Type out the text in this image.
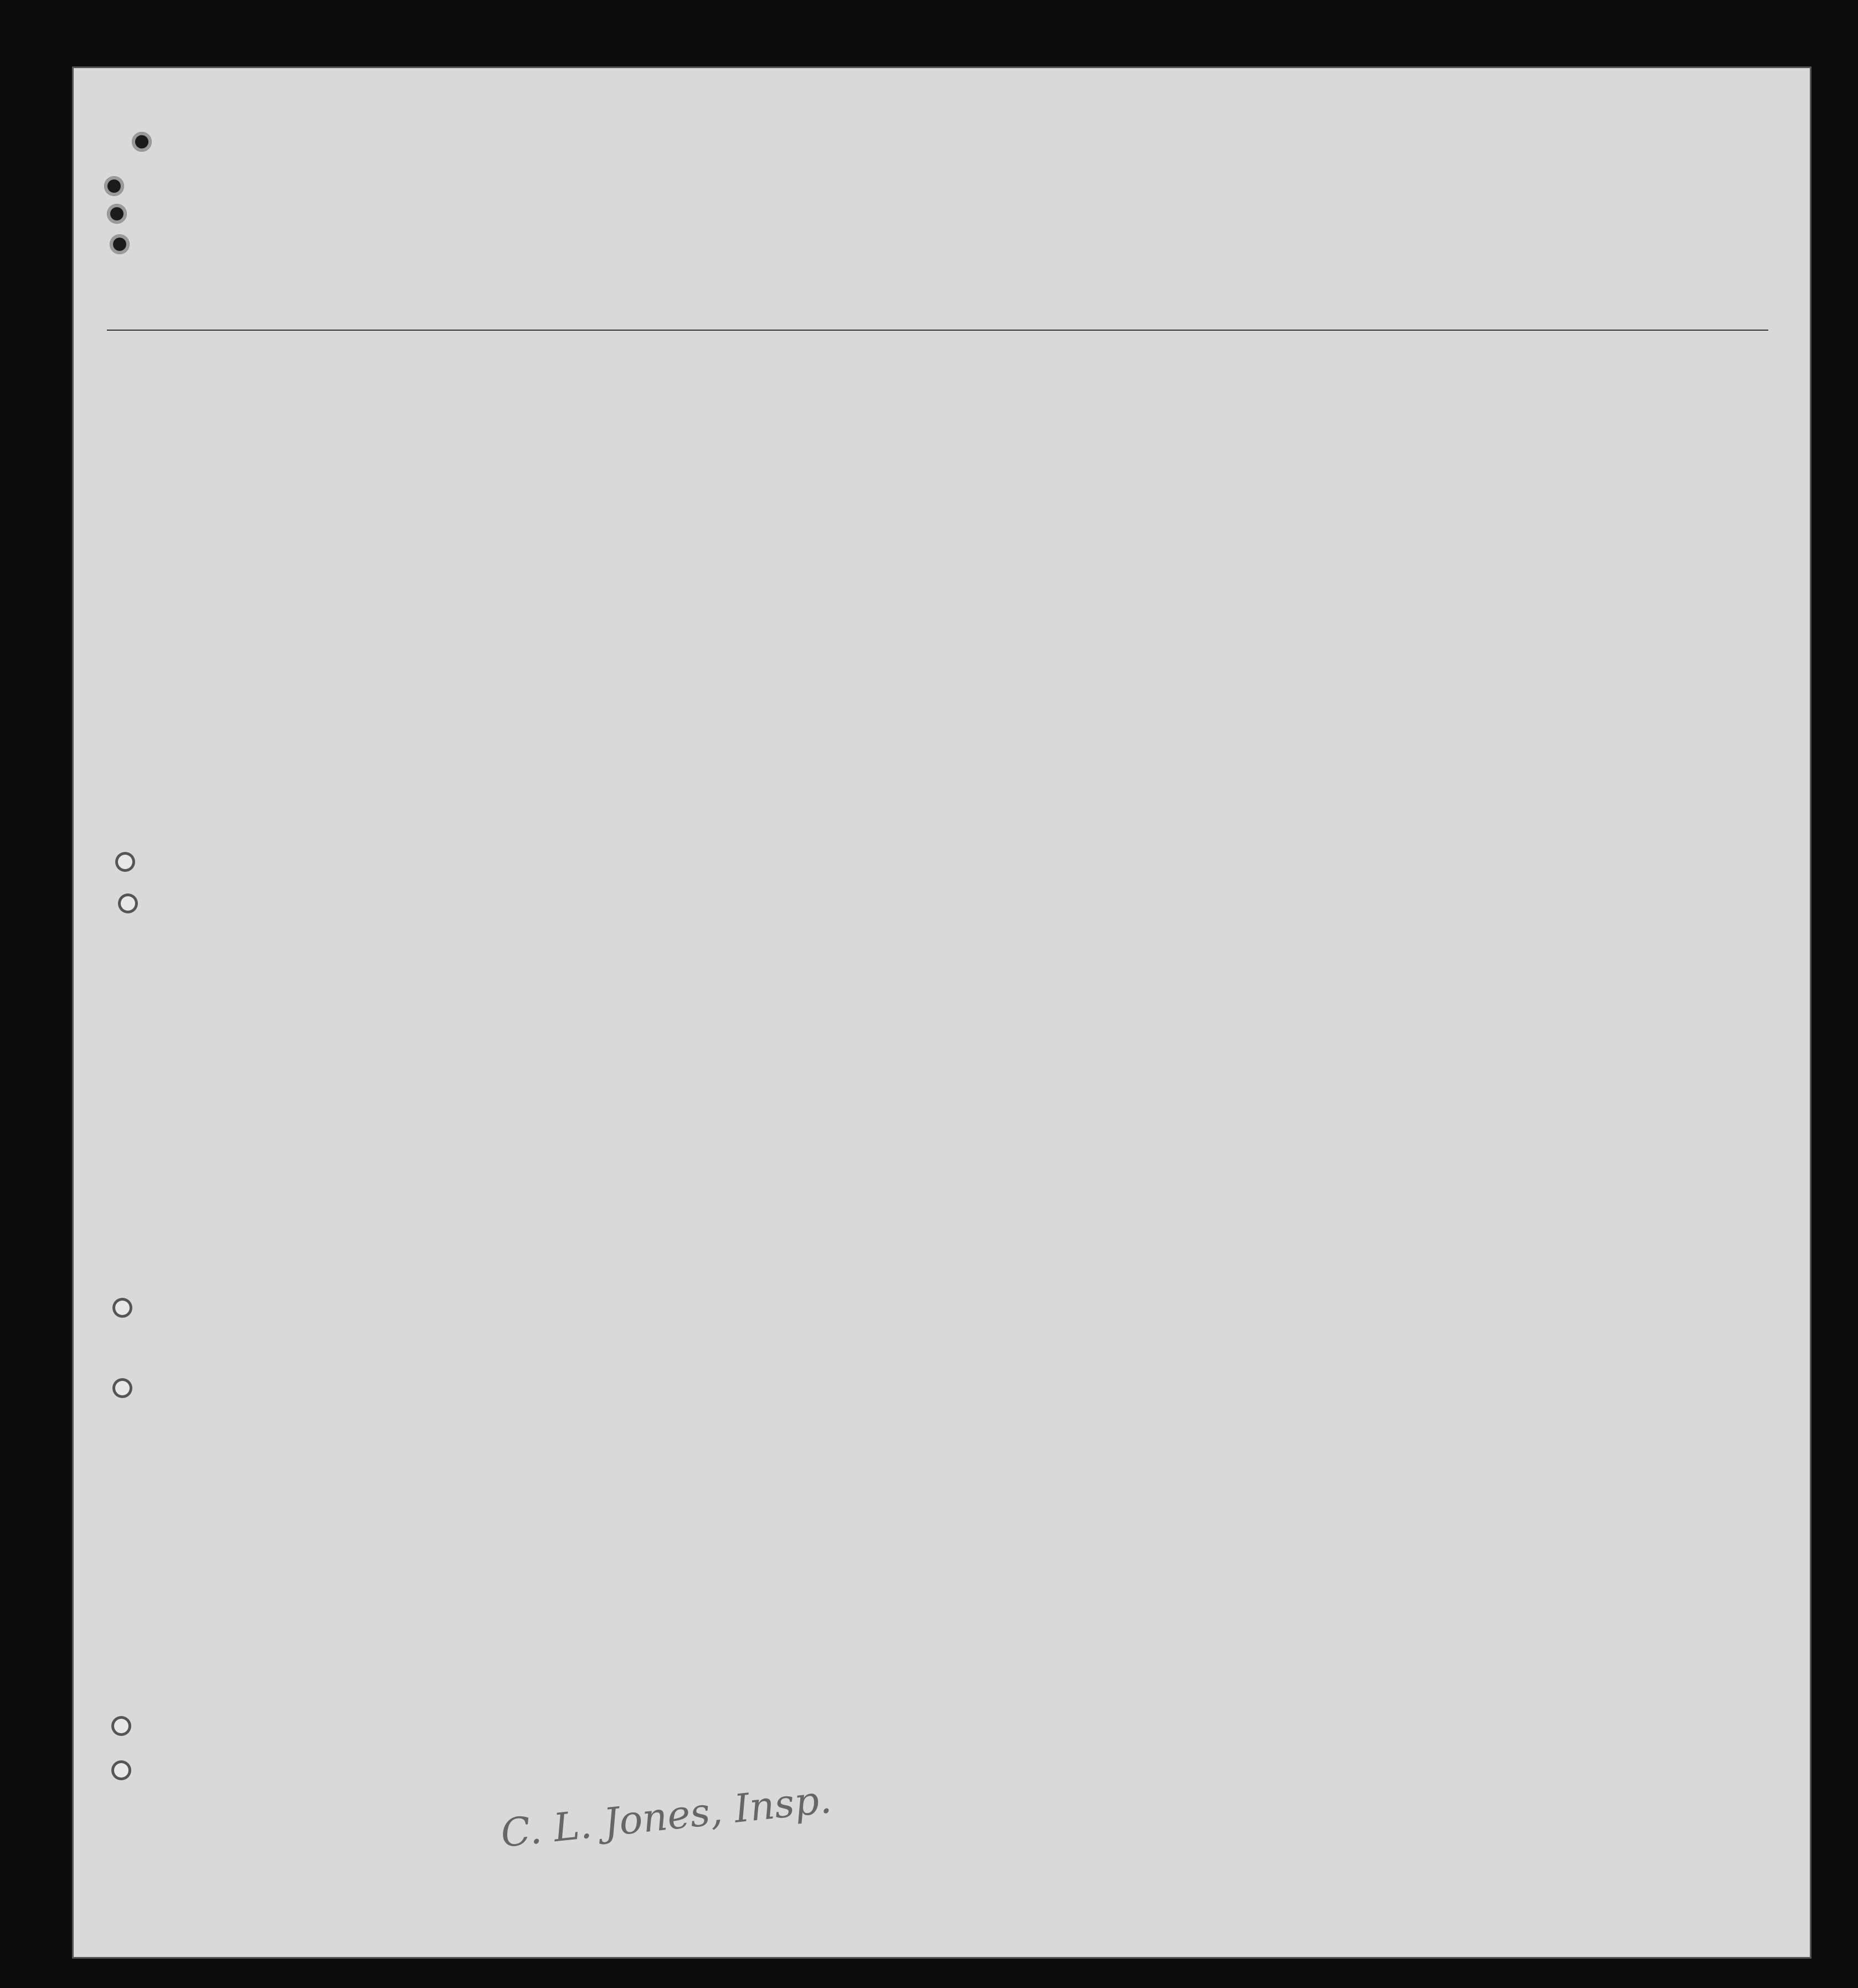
C. L. Jones, Insp.
